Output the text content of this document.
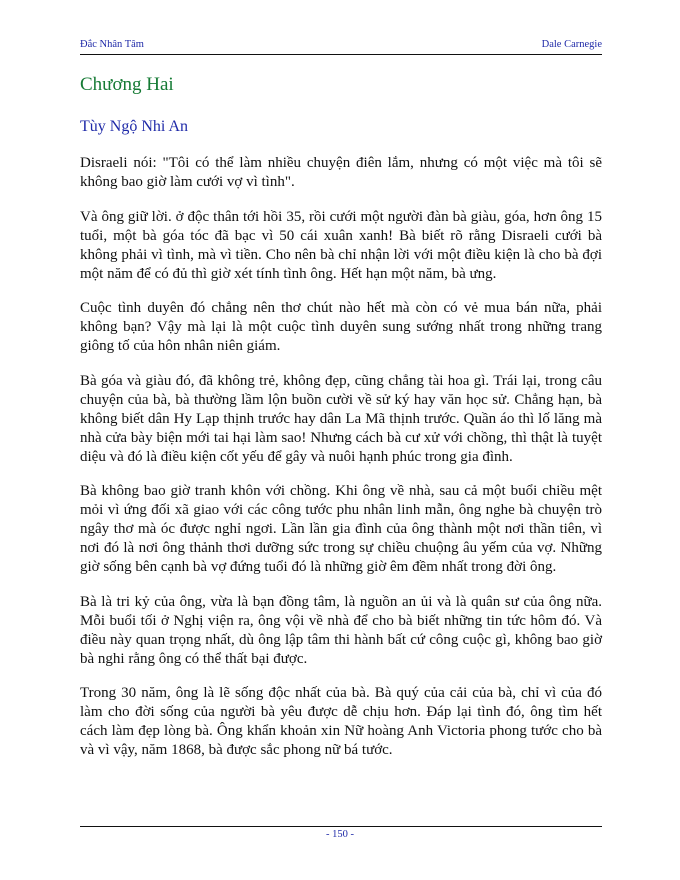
Đắc Nhân Tâm	Dale Carnegie
Chương Hai
Tùy Ngộ Nhi An

Disraeli nói: "Tôi có thể làm nhiều chuyện điên lắm, nhưng có một việc mà tôi sẽ không bao giờ làm cưới vợ vì tình".

Và ông giữ lời. ở độc thân tới hồi 35, rồi cưới một người đàn bà giàu, góa, hơn ông 15 tuổi, một bà góa tóc đã bạc vì 50 cái xuân xanh! Bà biết rõ rằng Disraeli cưới bà không phải vì tình, mà vì tiền. Cho nên bà chỉ nhận lời với một điều kiện là cho bà đợi một năm để có đủ thì giờ xét tính tình ông. Hết hạn một năm, bà ưng.

Cuộc tình duyên đó chẳng nên thơ chút nào hết mà còn có vẻ mua bán nữa, phải không bạn? Vậy mà lại là một cuộc tình duyên sung sướng nhất trong những trang giông tố của hôn nhân niên giám.

Bà góa và giàu đó, đã không trẻ, không đẹp, cũng chẳng tài hoa gì. Trái lại, trong câu chuyện của bà, bà thường lầm lộn buồn cười về sử ký hay văn học sử. Chẳng hạn, bà không biết dân Hy Lạp thịnh trước hay dân La Mã thịnh trước. Quần áo thì lố lăng mà nhà cửa bày biện mới tai hại làm sao! Nhưng cách bà cư xử với chồng, thì thật là tuyệt diệu và đó là điều kiện cốt yếu để gây và nuôi hạnh phúc trong gia đình.

Bà không bao giờ tranh khôn với chồng. Khi ông về nhà, sau cả một buổi chiều mệt mỏi vì ứng đối xã giao với các công tước phu nhân linh mẫn, ông nghe bà chuyện trò ngây thơ mà óc được nghỉ ngơi. Lần lần gia đình của ông thành một nơi thần tiên, vì nơi đó là nơi ông thảnh thơi dưỡng sức trong sự chiều chuộng âu yếm của vợ. Những giờ sống bên cạnh bà vợ đứng tuổi đó là những giờ êm đềm nhất trong đời ông.

Bà là tri kỷ của ông, vừa là bạn đồng tâm, là nguồn an ủi và là quân sư của ông nữa. Mỗi buổi tối ở Nghị viện ra, ông vội về nhà để cho bà biết những tin tức hôm đó. Và điều này quan trọng nhất, dù ông lập tâm thi hành bất cứ công cuộc gì, không bao giờ bà nghi rằng ông có thể thất bại được.

Trong 30 năm, ông là lẽ sống độc nhất của bà. Bà quý của cải của bà, chỉ vì của đó làm cho đời sống của người bà yêu được dễ chịu hơn. Đáp lại tình đó, ông tìm hết cách làm đẹp lòng bà. Ông khẩn khoản xin Nữ hoàng Anh Victoria phong tước cho bà và vì vậy, năm 1868, bà được sắc phong nữ bá tước.

- 150 -
